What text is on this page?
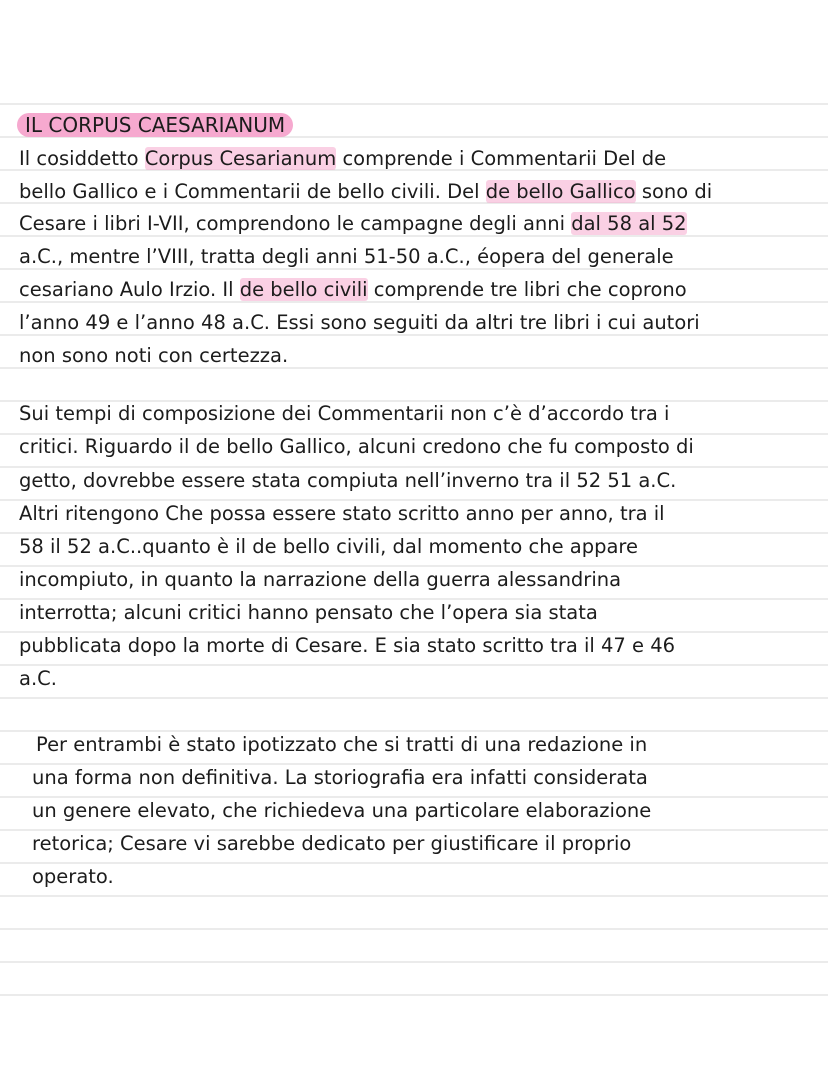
IL CORPUS CAESARIANUM
Il cosiddetto Corpus Cesarianum comprende i Commentarii Del de
bello Gallico e i Commentarii de bello civili. Del de bello Gallico sono di
Cesare i libri I-VII, comprendono le campagne degli anni dal 58 al 52
a.C., mentre l’VIII, tratta degli anni 51-50 a.C., éopera del generale
cesariano Aulo Irzio. Il de bello civili comprende tre libri che coprono
l’anno 49 e l’anno 48 a.C. Essi sono seguiti da altri tre libri i cui autori
non sono noti con certezza.
Sui tempi di composizione dei Commentarii non c’è d’accordo tra i
critici. Riguardo il de bello Gallico, alcuni credono che fu composto di
getto, dovrebbe essere stata compiuta nell’inverno tra il 52 51 a.C.
Altri ritengono Che possa essere stato scritto anno per anno, tra il
58 il 52 a.C..quanto è il de bello civili, dal momento che appare
incompiuto, in quanto la narrazione della guerra alessandrina
interrotta; alcuni critici hanno pensato che l’opera sia stata
pubblicata dopo la morte di Cesare. E sia stato scritto tra il 47 e 46
a.C.
Per entrambi è stato ipotizzato che si tratti di una redazione in
una forma non definitiva. La storiografia era infatti considerata
un genere elevato, che richiedeva una particolare elaborazione
retorica; Cesare vi sarebbe dedicato per giustificare il proprio
operato.
